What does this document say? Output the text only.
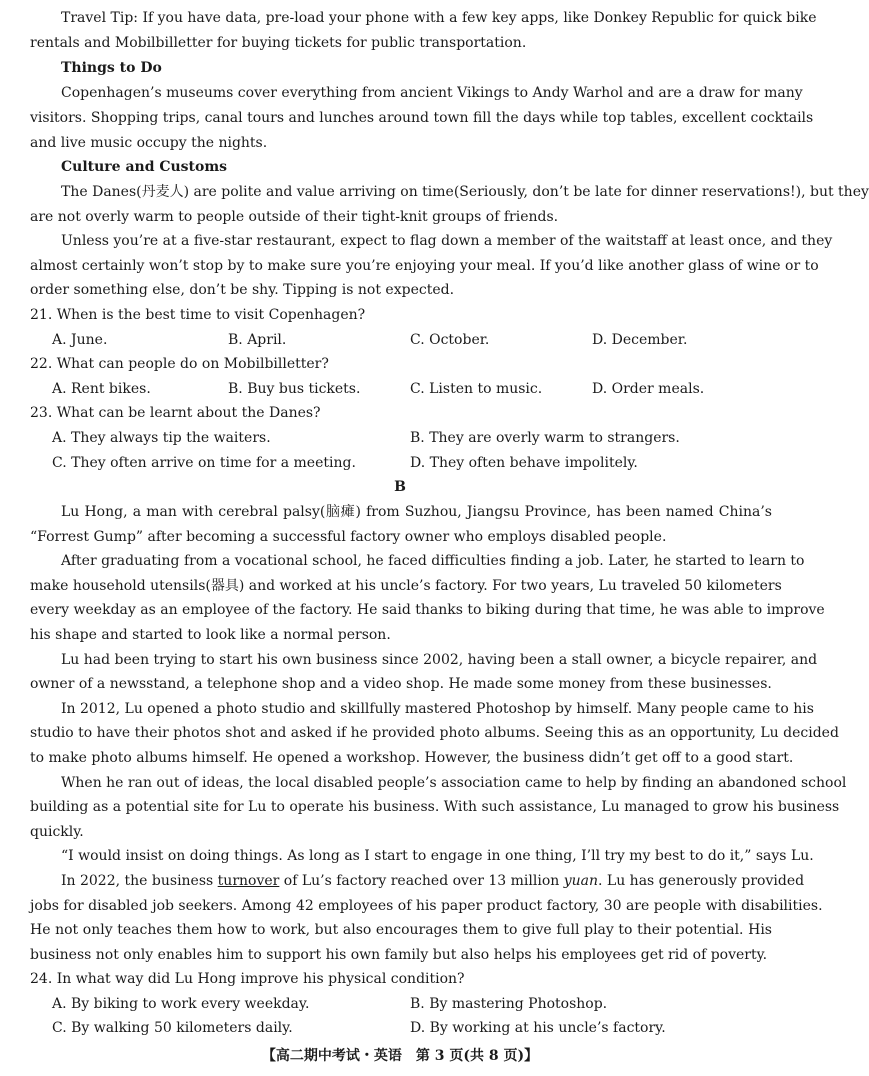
Travel Tip: If you have data, pre-load your phone with a few key apps, like Donkey Republic for quick bike
rentals and Mobilbilletter for buying tickets for public transportation.
Things to Do
Copenhagen’s museums cover everything from ancient Vikings to Andy Warhol and are a draw for many
visitors. Shopping trips, canal tours and lunches around town fill the days while top tables, excellent cocktails
and live music occupy the nights.
Culture and Customs
The Danes(丹麦人) are polite and value arriving on time(Seriously, don’t be late for dinner reservations!), but they
are not overly warm to people outside of their tight-knit groups of friends.
Unless you’re at a five-star restaurant, expect to flag down a member of the waitstaff at least once, and they
almost certainly won’t stop by to make sure you’re enjoying your meal. If you’d like another glass of wine or to
order something else, don’t be shy. Tipping is not expected.
21. When is the best time to visit Copenhagen?
A. June.	B. April.	C. October.	D. December.
22. What can people do on Mobilbilletter?
A. Rent bikes.	B. Buy bus tickets.	C. Listen to music.	D. Order meals.
23. What can be learnt about the Danes?
A. They always tip the waiters.	B. They are overly warm to strangers.
C. They often arrive on time for a meeting.	D. They often behave impolitely.
B
Lu Hong, a man with cerebral palsy(脑瘫) from Suzhou, Jiangsu Province, has been named China’s
“Forrest Gump” after becoming a successful factory owner who employs disabled people.
After graduating from a vocational school, he faced difficulties finding a job. Later, he started to learn to
make household utensils(器具) and worked at his uncle’s factory. For two years, Lu traveled 50 kilometers
every weekday as an employee of the factory. He said thanks to biking during that time, he was able to improve
his shape and started to look like a normal person.
Lu had been trying to start his own business since 2002, having been a stall owner, a bicycle repairer, and
owner of a newsstand, a telephone shop and a video shop. He made some money from these businesses.
In 2012, Lu opened a photo studio and skillfully mastered Photoshop by himself. Many people came to his
studio to have their photos shot and asked if he provided photo albums. Seeing this as an opportunity, Lu decided
to make photo albums himself. He opened a workshop. However, the business didn’t get off to a good start.
When he ran out of ideas, the local disabled people’s association came to help by finding an abandoned school
building as a potential site for Lu to operate his business. With such assistance, Lu managed to grow his business
quickly.
“I would insist on doing things. As long as I start to engage in one thing, I’ll try my best to do it,” says Lu.
In 2022, the business turnover of Lu’s factory reached over 13 million yuan. Lu has generously provided
jobs for disabled job seekers. Among 42 employees of his paper product factory, 30 are people with disabilities.
He not only teaches them how to work, but also encourages them to give full play to their potential. His
business not only enables him to support his own family but also helps his employees get rid of poverty.
24. In what way did Lu Hong improve his physical condition?
A. By biking to work every weekday.	B. By mastering Photoshop.
C. By walking 50 kilometers daily.	D. By working at his uncle’s factory.
【高二期中考试・英语　第 3 页(共 8 页)】
